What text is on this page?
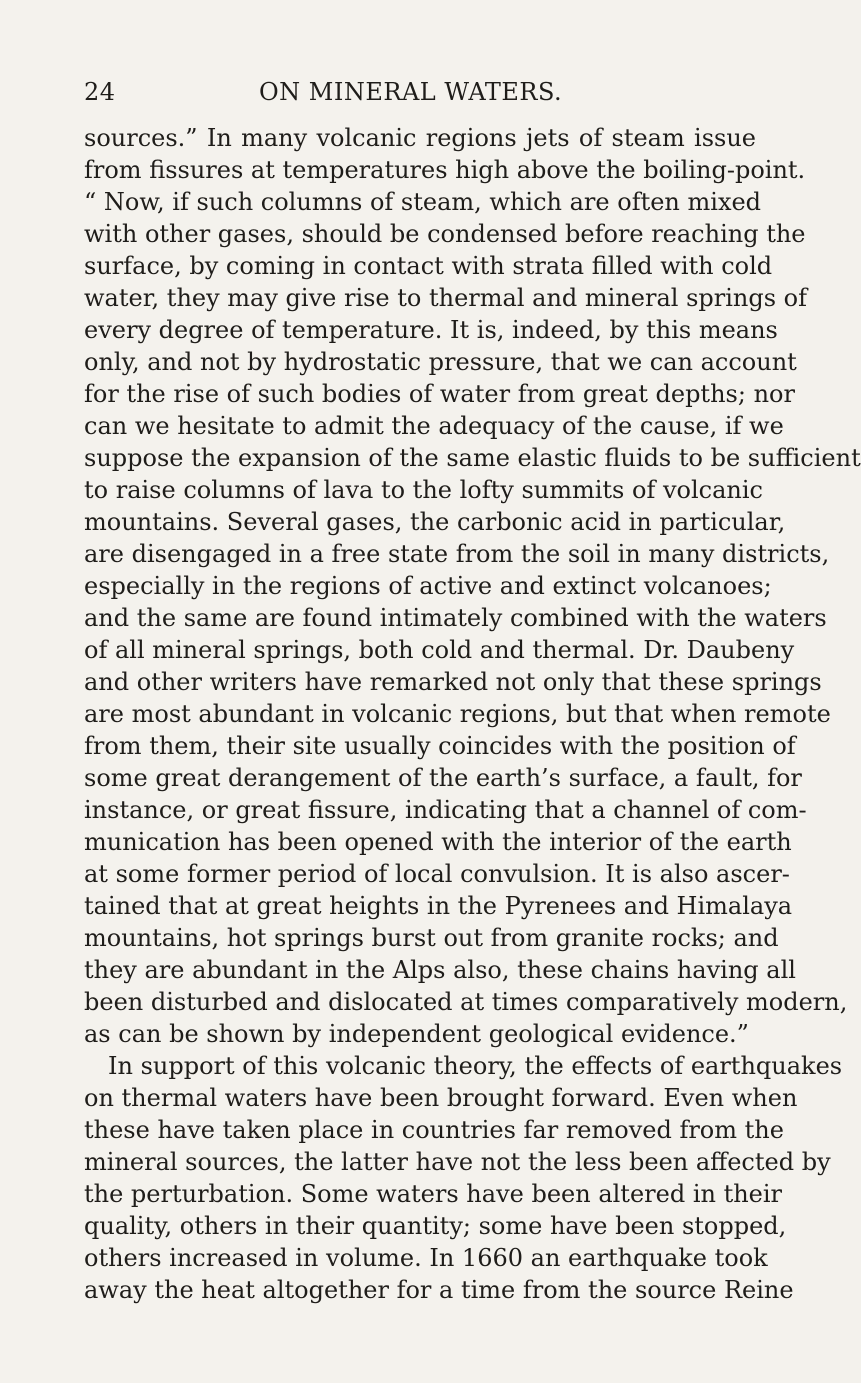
24	ON MINERAL WATERS.
sources.” In many volcanic regions jets of steam issue
from fissures at temperatures high above the boiling-point.
“ Now, if such columns of steam, which are often mixed
with other gases, should be condensed before reaching the
surface, by coming in contact with strata filled with cold
water, they may give rise to thermal and mineral springs of
every degree of temperature. It is, indeed, by this means
only, and not by hydrostatic pressure, that we can account
for the rise of such bodies of water from great depths; nor
can we hesitate to admit the adequacy of the cause, if we
suppose the expansion of the same elastic fluids to be sufficient
to raise columns of lava to the lofty summits of volcanic
mountains. Several gases, the carbonic acid in particular,
are disengaged in a free state from the soil in many districts,
especially in the regions of active and extinct volcanoes;
and the same are found intimately combined with the waters
of all mineral springs, both cold and thermal. Dr. Daubeny
and other writers have remarked not only that these springs
are most abundant in volcanic regions, but that when remote
from them, their site usually coincides with the position of
some great derangement of the earth’s surface, a fault, for
instance, or great fissure, indicating that a channel of com-
munication has been opened with the interior of the earth
at some former period of local convulsion. It is also ascer-
tained that at great heights in the Pyrenees and Himalaya
mountains, hot springs burst out from granite rocks; and
they are abundant in the Alps also, these chains having all
been disturbed and dislocated at times comparatively modern,
as can be shown by independent geological evidence.”
In support of this volcanic theory, the effects of earthquakes
on thermal waters have been brought forward. Even when
these have taken place in countries far removed from the
mineral sources, the latter have not the less been affected by
the perturbation. Some waters have been altered in their
quality, others in their quantity; some have been stopped,
others increased in volume. In 1660 an earthquake took
away the heat altogether for a time from the source Reine
